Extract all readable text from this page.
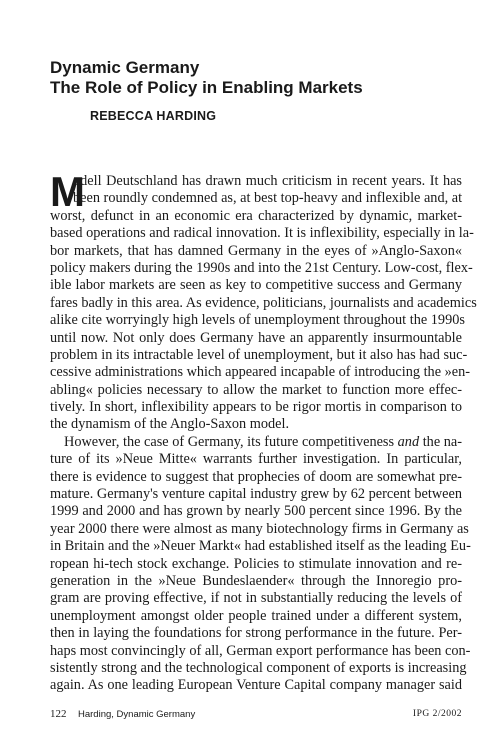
Dynamic Germany
The Role of Policy in Enabling Markets
REBECCA HARDING
M
odell Deutschland has drawn much criticism in recent years. It has
been roundly condemned as, at best top-heavy and inflexible and, at
worst, defunct in an economic era characterized by dynamic, market-
based operations and radical innovation. It is inflexibility, especially in la-
bor markets, that has damned Germany in the eyes of »Anglo-Saxon«
policy makers during the 1990s and into the 21st Century. Low-cost, flex-
ible labor markets are seen as key to competitive success and Germany
fares badly in this area. As evidence, politicians, journalists and academics
alike cite worryingly high levels of unemployment throughout the 1990s
until now. Not only does Germany have an apparently insurmountable
problem in its intractable level of unemployment, but it also has had suc-
cessive administrations which appeared incapable of introducing the »en-
abling« policies necessary to allow the market to function more effec-
tively. In short, inflexibility appears to be rigor mortis in comparison to
the dynamism of the Anglo-Saxon model.
However, the case of Germany, its future competitiveness and the na-
ture of its »Neue Mitte« warrants further investigation. In particular,
there is evidence to suggest that prophecies of doom are somewhat pre-
mature. Germany's venture capital industry grew by 62 percent between
1999 and 2000 and has grown by nearly 500 percent since 1996. By the
year 2000 there were almost as many biotechnology firms in Germany as
in Britain and the »Neuer Markt« had established itself as the leading Eu-
ropean hi-tech stock exchange. Policies to stimulate innovation and re-
generation in the »Neue Bundeslaender« through the Innoregio pro-
gram are proving effective, if not in substantially reducing the levels of
unemployment amongst older people trained under a different system,
then in laying the foundations for strong performance in the future. Per-
haps most convincingly of all, German export performance has been con-
sistently strong and the technological component of exports is increasing
again. As one leading European Venture Capital company manager said
122 Harding, Dynamic Germany	IPG 2/2002
